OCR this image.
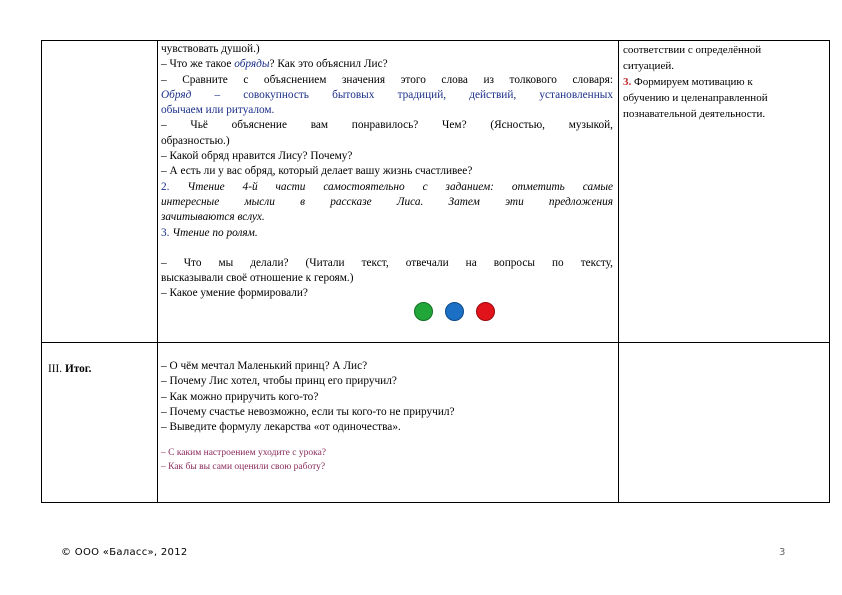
чувствовать душой.)
– Что же такое обряды? Как это объяснил Лис?
– Сравните с объяснением значения этого слова из толкового словаря:
Обряд – совокупность бытовых традиций, действий, установленных
обычаем или ритуалом.
– Чьё объяснение вам понравилось? Чем? (Ясностью, музыкой,
образностью.)
– Какой обряд нравится Лису? Почему?
– А есть ли у вас обряд, который делает вашу жизнь счастливее?
2. Чтение 4-й части самостоятельно с заданием: отметить самые
интересные мысли в рассказе Лиса. Затем эти предложения
зачитываются вслух.
3. Чтение по ролям.
– Что мы делали? (Читали текст, отвечали на вопросы по тексту,
высказывали своё отношение к героям.)
– Какое умение формировали?
соответствии с определённой
ситуацией.
3. Формируем мотивацию к
обучению и целенаправленной
познавательной деятельности.
III. Итог.	– О чём мечтал Маленький принц? А Лис?
– Почему Лис хотел, чтобы принц его приручил?
– Как можно приручить кого-то?
– Почему счастье невозможно, если ты кого-то не приручил?
– Выведите формулу лекарства «от одиночества».
– С каким настроением уходите с урока?
– Как бы вы сами оценили свою работу?
© ООО «Баласс», 2012	3
